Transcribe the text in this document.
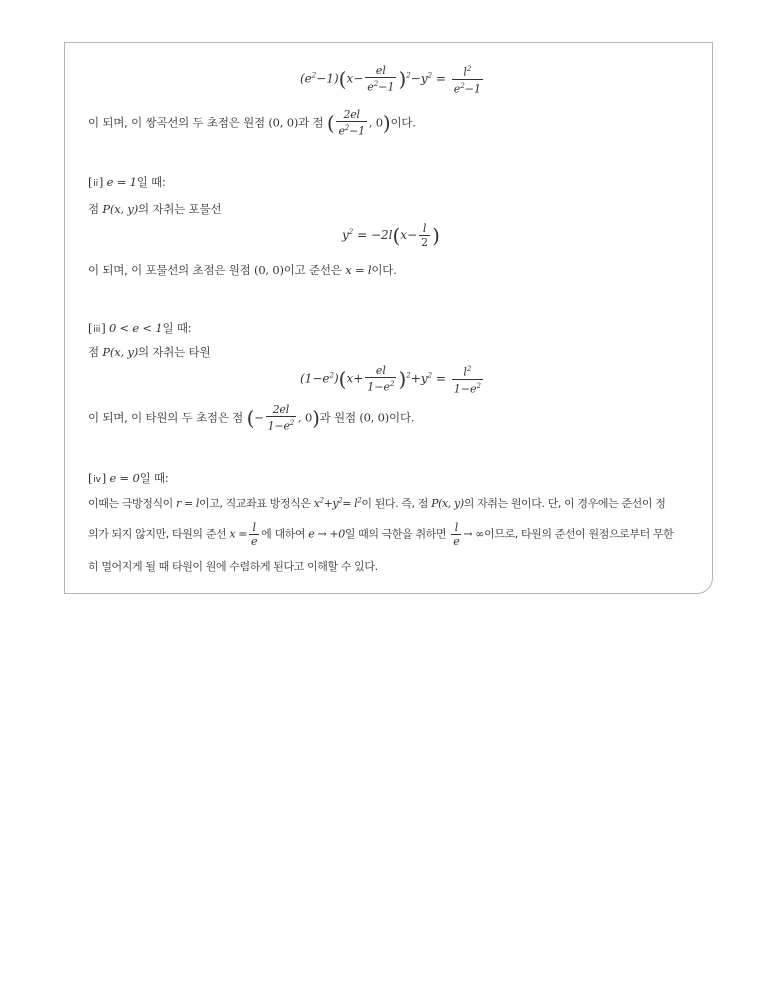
$(e^2-1)(x- \frac{el}{e^2-1} )^2-y^2 = \frac{l^2}{e^2-1}$
이 되며, 이 쌍곡선의 두 초점은 원점 (0, 0)과 점 ( $\frac{2el}{e^2-1}$ , 0)이다.
[ii] e = 1일 때:
점 P(x, y)의 자취는 포물선
$y^2 = -2l(x- \frac{l}{2}$ )
이 되며, 이 포물선의 초점은 원점 (0, 0)이고 준선은 x = l이다.
[iii] 0 < e < 1일 때:
점 P(x, y)의 자취는 타원
$(1-e^2)(x+ \frac{el}{1-e^2} )^2+y^2 = \frac{l^2}{1-e^2}$
이 되며, 이 타원의 두 초점은 점 (− $\frac{2el}{1-e^2}$ , 0)과 원점 (0, 0)이다.
[iv] e = 0일 때:
이때는 극방정식이 r = l이고, 직교좌표 방정식은 $x^2+y^2= l^2$이 된다. 즉, 점 P(x, y)의 자취는 원이다. 단, 이 경우에는 준선이 정
의가 되지 않지만, 타원의 준선 $x = \frac{l}{e}$ 에 대하여 e → +0일 때의 극한을 취하면 $\frac{l}{e}$ → ∞이므로, 타원의 준선이 원점으로부터 무한
히 멀어지게 될 때 타원이 원에 수렴하게 된다고 이해할 수 있다.
